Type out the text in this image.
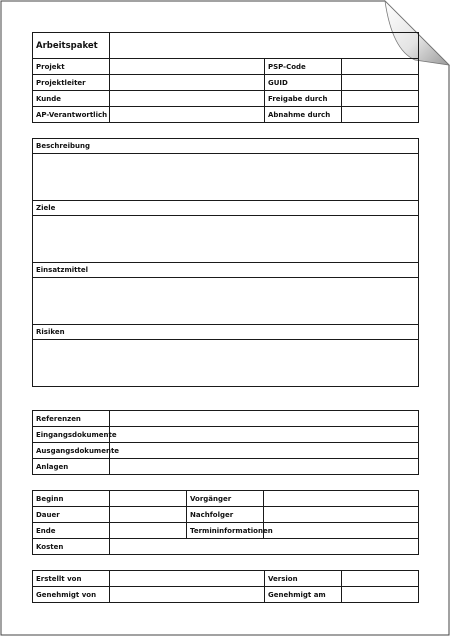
Arbeitspaket			
Projekt		PSP-Code	
Projektleiter		GUID	
Kunde		Freigabe durch	
AP-Verantwortlich		Abnahme durch	
Beschreibung

Ziele

Einsatzmittel

Risiken

Referenzen	
Eingangsdokumente	
Ausgangsdokumente	
Anlagen	
Beginn		Vorgänger	
Dauer		Nachfolger	
Ende		Termininformationen	
Kosten			
Erstellt von		Version	
Genehmigt von		Genehmigt am	
